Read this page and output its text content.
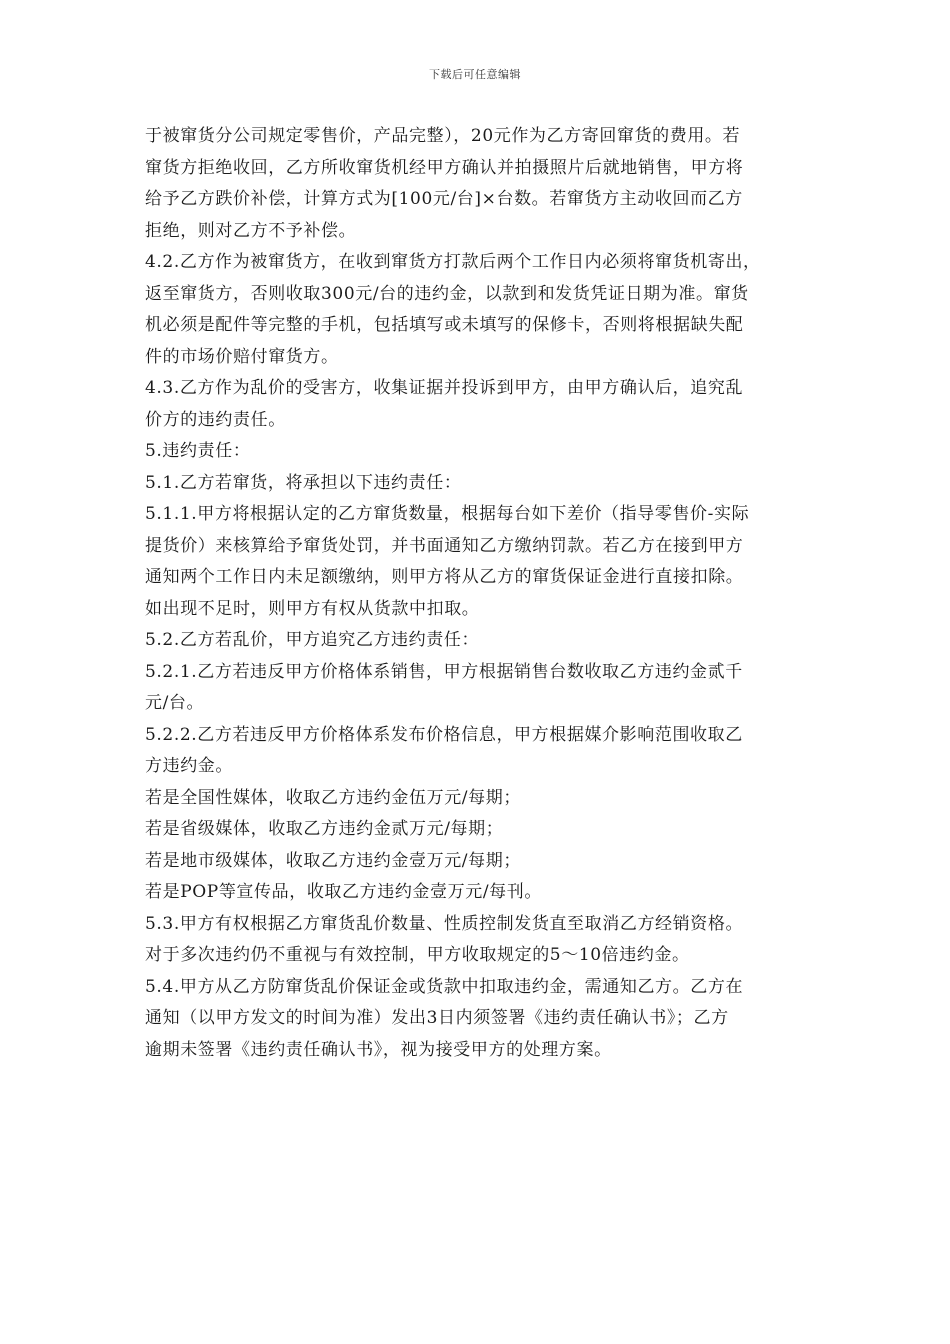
下载后可任意编辑
于被窜货分公司规定零售价，产品完整），20元作为乙方寄回窜货的费用。若
窜货方拒绝收回，乙方所收窜货机经甲方确认并拍摄照片后就地销售，甲方将
给予乙方跌价补偿，计算方式为[100元/台]×台数。若窜货方主动收回而乙方
拒绝，则对乙方不予补偿。
4.2.乙方作为被窜货方，在收到窜货方打款后两个工作日内必须将窜货机寄出，
返至窜货方，否则收取300元/台的违约金，以款到和发货凭证日期为准。窜货
机必须是配件等完整的手机，包括填写或未填写的保修卡，否则将根据缺失配
件的市场价赔付窜货方。
4.3.乙方作为乱价的受害方，收集证据并投诉到甲方，由甲方确认后，追究乱
价方的违约责任。
5.违约责任：
5.1.乙方若窜货，将承担以下违约责任：
5.1.1.甲方将根据认定的乙方窜货数量，根据每台如下差价（指导零售价-实际
提货价）来核算给予窜货处罚，并书面通知乙方缴纳罚款。若乙方在接到甲方
通知两个工作日内未足额缴纳，则甲方将从乙方的窜货保证金进行直接扣除。
如出现不足时，则甲方有权从货款中扣取。
5.2.乙方若乱价，甲方追究乙方违约责任：
5.2.1.乙方若违反甲方价格体系销售，甲方根据销售台数收取乙方违约金贰千
元/台。
5.2.2.乙方若违反甲方价格体系发布价格信息，甲方根据媒介影响范围收取乙
方违约金。
若是全国性媒体，收取乙方违约金伍万元/每期；
若是省级媒体，收取乙方违约金贰万元/每期；
若是地市级媒体，收取乙方违约金壹万元/每期；
若是POP等宣传品，收取乙方违约金壹万元/每刊。
5.3.甲方有权根据乙方窜货乱价数量、性质控制发货直至取消乙方经销资格。
对于多次违约仍不重视与有效控制，甲方收取规定的5～10倍违约金。
5.4.甲方从乙方防窜货乱价保证金或货款中扣取违约金，需通知乙方。乙方在
通知（以甲方发文的时间为准）发出3日内须签署《违约责任确认书》；乙方
逾期未签署《违约责任确认书》，视为接受甲方的处理方案。
